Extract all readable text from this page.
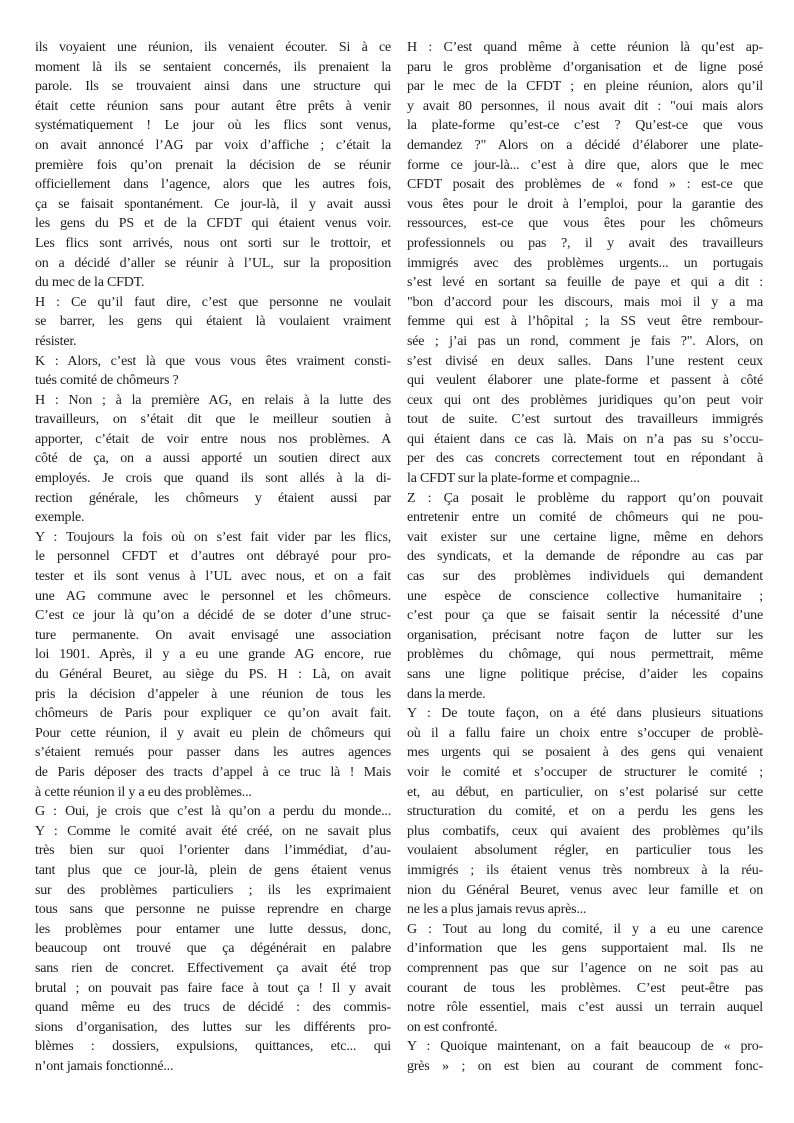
ils voyaient une réunion, ils venaient écouter. Si à ce
moment là ils se sentaient concernés, ils prenaient la
parole. Ils se trouvaient ainsi dans une structure qui
était cette réunion sans pour autant être prêts à venir
systématiquement ! Le jour où les flics sont venus,
on avait annoncé l’AG par voix d’affiche ; c’était la
première fois qu’on prenait la décision de se réunir
officiellement dans l’agence, alors que les autres fois,
ça se faisait spontanément. Ce jour-là, il y avait aussi
les gens du PS et de la CFDT qui étaient venus voir.
Les flics sont arrivés, nous ont sorti sur le trottoir, et
on a décidé d’aller se réunir à l’UL, sur la proposition
du mec de la CFDT.
H : Ce qu’il faut dire, c’est que personne ne voulait
se barrer, les gens qui étaient là voulaient vraiment
résister.
K : Alors, c’est là que vous vous êtes vraiment consti-
tués comité de chômeurs ?
H : Non ; à la première AG, en relais à la lutte des
travailleurs, on s’était dit que le meilleur soutien à
apporter, c’était de voir entre nous nos problèmes. A
côté de ça, on a aussi apporté un soutien direct aux
employés. Je crois que quand ils sont allés à la di-
rection générale, les chômeurs y étaient aussi par
exemple.
Y : Toujours la fois où on s’est fait vider par les flics,
le personnel CFDT et d’autres ont débrayé pour pro-
tester et ils sont venus à l’UL avec nous, et on a fait
une AG commune avec le personnel et les chômeurs.
C’est ce jour là qu’on a décidé de se doter d’une struc-
ture permanente. On avait envisagé une association
loi 1901. Après, il y a eu une grande AG encore, rue
du Général Beuret, au siège du PS. H : Là, on avait
pris la décision d’appeler à une réunion de tous les
chômeurs de Paris pour expliquer ce qu’on avait fait.
Pour cette réunion, il y avait eu plein de chômeurs qui
s’étaient remués pour passer dans les autres agences
de Paris déposer des tracts d’appel à ce truc là ! Mais
à cette réunion il y a eu des problèmes...
G : Oui, je crois que c’est là qu’on a perdu du monde...
Y : Comme le comité avait été créé, on ne savait plus
très bien sur quoi l’orienter dans l’immédiat, d’au-
tant plus que ce jour-là, plein de gens étaient venus
sur des problèmes particuliers ; ils les exprimaient
tous sans que personne ne puisse reprendre en charge
les problèmes pour entamer une lutte dessus, donc,
beaucoup ont trouvé que ça dégénérait en palabre
sans rien de concret. Effectivement ça avait été trop
brutal ; on pouvait pas faire face à tout ça ! Il y avait
quand même eu des trucs de décidé : des commis-
sions d’organisation, des luttes sur les différents pro-
blèmes : dossiers, expulsions, quittances, etc... qui
n’ont jamais fonctionné...
H : C’est quand même à cette réunion là qu’est ap-
paru le gros problème d’organisation et de ligne posé
par le mec de la CFDT ; en pleine réunion, alors qu’il
y avait 80 personnes, il nous avait dit : "oui mais alors
la plate-forme qu’est-ce c’est ? Qu’est-ce que vous
demandez ?" Alors on a décidé d’élaborer une plate-
forme ce jour-là... c’est à dire que, alors que le mec
CFDT posait des problèmes de « fond » : est-ce que
vous êtes pour le droit à l’emploi, pour la garantie des
ressources, est-ce que vous êtes pour les chômeurs
professionnels ou pas ?, il y avait des travailleurs
immigrés avec des problèmes urgents... un portugais
s’est levé en sortant sa feuille de paye et qui a dit :
"bon d’accord pour les discours, mais moi il y a ma
femme qui est à l’hôpital ; la SS veut être rembour-
sée ; j’ai pas un rond, comment je fais ?". Alors, on
s’est divisé en deux salles. Dans l’une restent ceux
qui veulent élaborer une plate-forme et passent à côté
ceux qui ont des problèmes juridiques qu’on peut voir
tout de suite. C’est surtout des travailleurs immigrés
qui étaient dans ce cas là. Mais on n’a pas su s’occu-
per des cas concrets correctement tout en répondant à
la CFDT sur la plate-forme et compagnie...
Z : Ça posait le problème du rapport qu’on pouvait
entretenir entre un comité de chômeurs qui ne pou-
vait exister sur une certaine ligne, même en dehors
des syndicats, et la demande de répondre au cas par
cas sur des problèmes individuels qui demandent
une espèce de conscience collective humanitaire ;
c’est pour ça que se faisait sentir la nécessité d’une
organisation, précisant notre façon de lutter sur les
problèmes du chômage, qui nous permettrait, même
sans une ligne politique précise, d’aider les copains
dans la merde.
Y : De toute façon, on a été dans plusieurs situations
où il a fallu faire un choix entre s’occuper de problè-
mes urgents qui se posaient à des gens qui venaient
voir le comité et s’occuper de structurer le comité ;
et, au début, en particulier, on s’est polarisé sur cette
structuration du comité, et on a perdu les gens les
plus combatifs, ceux qui avaient des problèmes qu’ils
voulaient absolument régler, en particulier tous les
immigrés ; ils étaient venus très nombreux à la réu-
nion du Général Beuret, venus avec leur famille et on
ne les a plus jamais revus après...
G : Tout au long du comité, il y a eu une carence
d’information que les gens supportaient mal. Ils ne
comprennent pas que sur l’agence on ne soit pas au
courant de tous les problèmes. C’est peut-être pas
notre rôle essentiel, mais c’est aussi un terrain auquel
on est confronté.
Y : Quoique maintenant, on a fait beaucoup de « pro-
grès » ; on est bien au courant de comment fonc-
